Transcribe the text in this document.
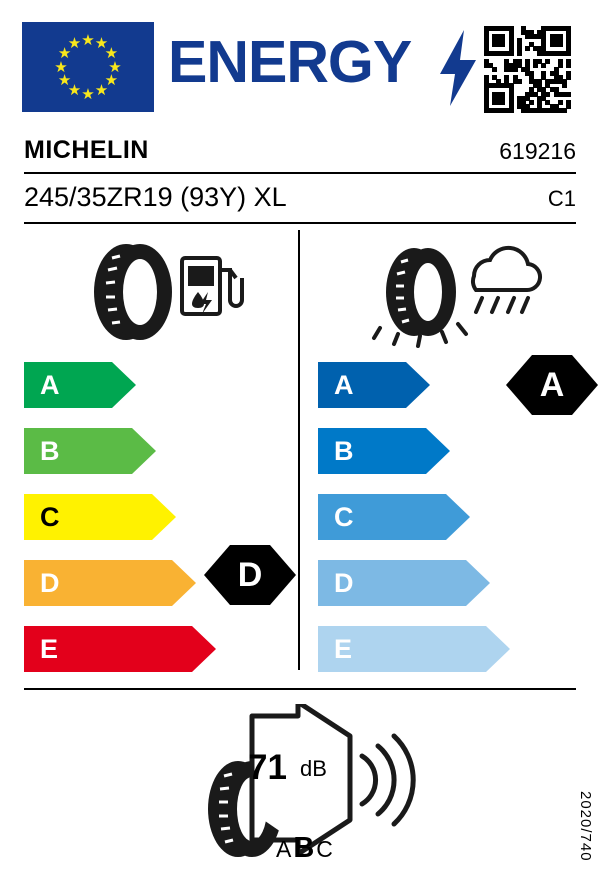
★ ★
★
★
★
★
★
★
★
★
★
★ ENERGY
MICHELIN	619216
245/35ZR19 (93Y) XL	C1
A
B
C
D
E
D
A
B
C
D
E
A
71 dB
ABC	2020/740
